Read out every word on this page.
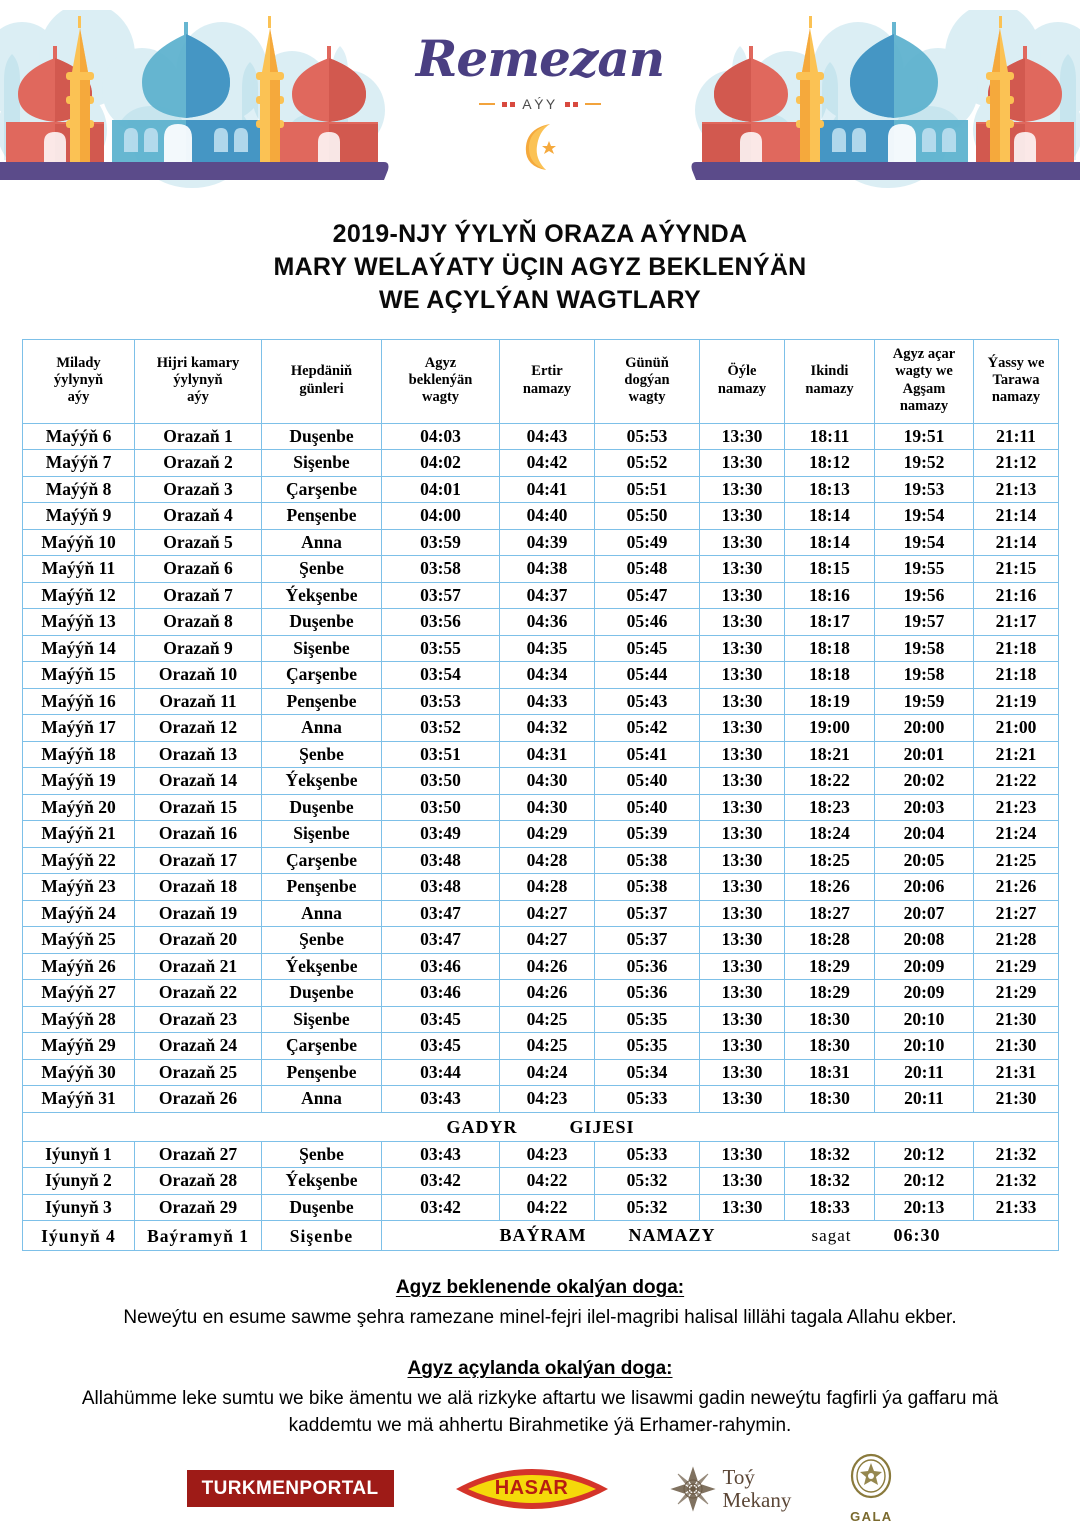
Remezan
AÝY
2019-NJY ÝYLYŇ ORAZA AÝYNDA
MARY WELAÝATY ÜÇIN AGYZ BEKLENÝÄN
WE AÇYLÝAN WAGTLARY
Milady
ýylynyň
aýy

Hijri kamary
ýylynyň
aýy

Hepdäniň
günleri

Agyz
beklenýän
wagty

Ertir
namazy

Günüň
dogýan
wagty

Öýle
namazy

Ikindi
namazy

Agyz açar
wagty we
Agşam
namazy

Ýassy we
Tarawa
namazy

Maýýň 6	Orazaň 1	Duşenbe	04:03	04:43	05:53	13:30	18:11	19:51	21:11
Maýýň 7	Orazaň 2	Sişenbe	04:02	04:42	05:52	13:30	18:12	19:52	21:12
Maýýň 8	Orazaň 3	Çarşenbe	04:01	04:41	05:51	13:30	18:13	19:53	21:13
Maýýň 9	Orazaň 4	Penşenbe	04:00	04:40	05:50	13:30	18:14	19:54	21:14
Maýýň 10	Orazaň 5	Anna	03:59	04:39	05:49	13:30	18:14	19:54	21:14
Maýýň 11	Orazaň 6	Şenbe	03:58	04:38	05:48	13:30	18:15	19:55	21:15
Maýýň 12	Orazaň 7	Ýekşenbe	03:57	04:37	05:47	13:30	18:16	19:56	21:16
Maýýň 13	Orazaň 8	Duşenbe	03:56	04:36	05:46	13:30	18:17	19:57	21:17
Maýýň 14	Orazaň 9	Sişenbe	03:55	04:35	05:45	13:30	18:18	19:58	21:18
Maýýň 15	Orazaň 10	Çarşenbe	03:54	04:34	05:44	13:30	18:18	19:58	21:18
Maýýň 16	Orazaň 11	Penşenbe	03:53	04:33	05:43	13:30	18:19	19:59	21:19
Maýýň 17	Orazaň 12	Anna	03:52	04:32	05:42	13:30	19:00	20:00	21:00
Maýýň 18	Orazaň 13	Şenbe	03:51	04:31	05:41	13:30	18:21	20:01	21:21
Maýýň 19	Orazaň 14	Ýekşenbe	03:50	04:30	05:40	13:30	18:22	20:02	21:22
Maýýň 20	Orazaň 15	Duşenbe	03:50	04:30	05:40	13:30	18:23	20:03	21:23
Maýýň 21	Orazaň 16	Sişenbe	03:49	04:29	05:39	13:30	18:24	20:04	21:24
Maýýň 22	Orazaň 17	Çarşenbe	03:48	04:28	05:38	13:30	18:25	20:05	21:25
Maýýň 23	Orazaň 18	Penşenbe	03:48	04:28	05:38	13:30	18:26	20:06	21:26
Maýýň 24	Orazaň 19	Anna	03:47	04:27	05:37	13:30	18:27	20:07	21:27
Maýýň 25	Orazaň 20	Şenbe	03:47	04:27	05:37	13:30	18:28	20:08	21:28
Maýýň 26	Orazaň 21	Ýekşenbe	03:46	04:26	05:36	13:30	18:29	20:09	21:29
Maýýň 27	Orazaň 22	Duşenbe	03:46	04:26	05:36	13:30	18:29	20:09	21:29
Maýýň 28	Orazaň 23	Sişenbe	03:45	04:25	05:35	13:30	18:30	20:10	21:30
Maýýň 29	Orazaň 24	Çarşenbe	03:45	04:25	05:35	13:30	18:30	20:10	21:30
Maýýň 30	Orazaň 25	Penşenbe	03:44	04:24	05:34	13:30	18:31	20:11	21:31
Maýýň 31	Orazaň 26	Anna	03:43	04:23	05:33	13:30	18:30	20:11	21:30
GADYR GIJESI									
Iýunyň 1	Orazaň 27	Şenbe	03:43	04:23	05:33	13:30	18:32	20:12	21:32
Iýunyň 2	Orazaň 28	Ýekşenbe	03:42	04:22	05:32	13:30	18:32	20:12	21:32
Iýunyň 3	Orazaň 29	Duşenbe	03:42	04:22	05:32	13:30	18:33	20:13	21:33
Iýunyň 4	Baýramyň 1	Sişenbe	BAÝRAM NAMAZY sagat 06:30						
Agyz beklenende okalýan doga:
Neweýtu en esume sawme şehra ramezane minel-fejri ilel-magribi halisal lillähi tagala Allahu ekber.
Agyz açylanda okalýan doga:
Allahümme leke sumtu we bike ämentu we alä rizkyke aftartu we lisawmi gadin neweýtu fagfirli ýa gaffaru mä kaddemtu we mä ahhertu Birahmetike ýä Erhamer-rahymin.
TURKMENPORTAL	HASAR	Toý
Mekany
GALA
